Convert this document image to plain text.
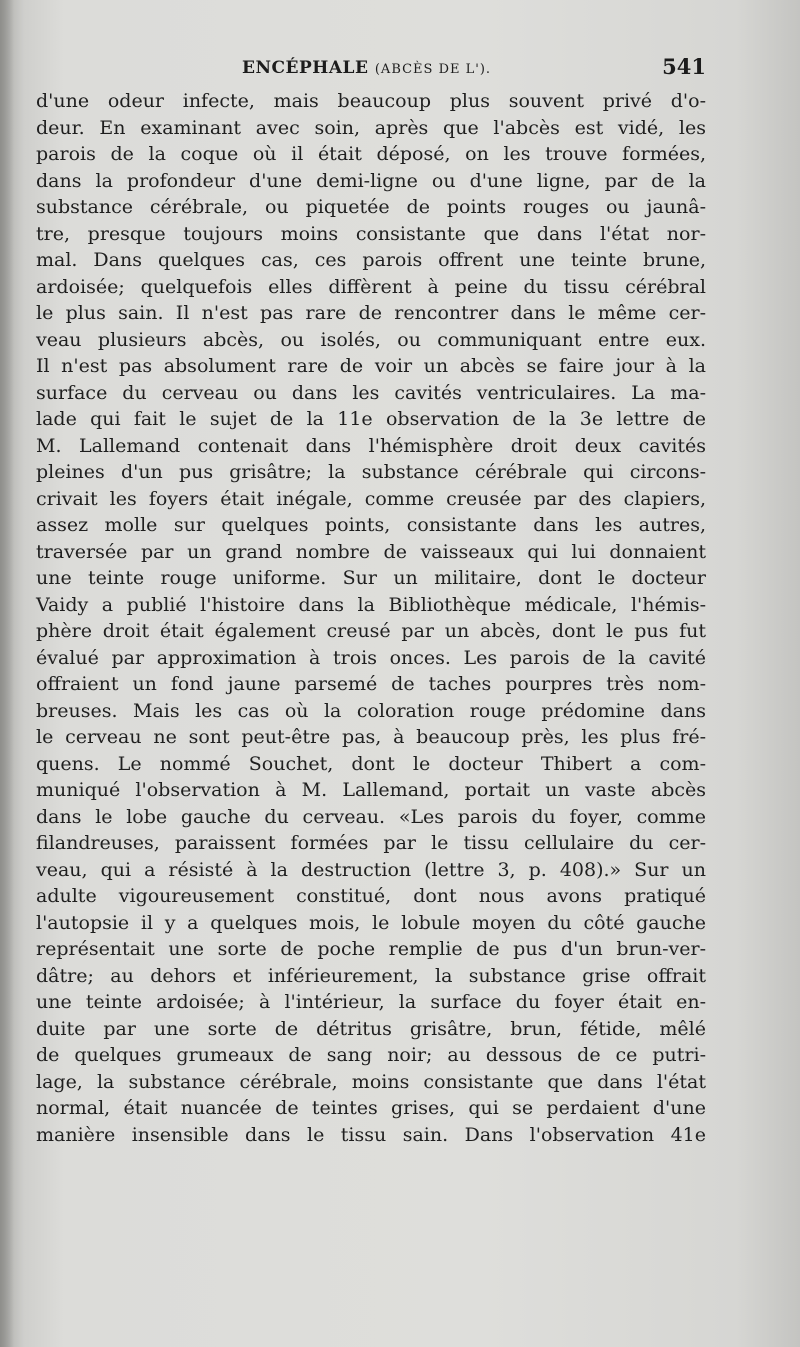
ENCÉPHALE (ABCÈS DE L').	541
d'une odeur infecte, mais beaucoup plus souvent privé d'o-
deur. En examinant avec soin, après que l'abcès est vidé, les
parois de la coque où il était déposé, on les trouve formées,
dans la profondeur d'une demi-ligne ou d'une ligne, par de la
substance cérébrale, ou piquetée de points rouges ou jaunâ-
tre, presque toujours moins consistante que dans l'état nor-
mal. Dans quelques cas, ces parois offrent une teinte brune,
ardoisée; quelquefois elles diffèrent à peine du tissu cérébral
le plus sain. Il n'est pas rare de rencontrer dans le même cer-
veau plusieurs abcès, ou isolés, ou communiquant entre eux.
Il n'est pas absolument rare de voir un abcès se faire jour à la
surface du cerveau ou dans les cavités ventriculaires. La ma-
lade qui fait le sujet de la 11e observation de la 3e lettre de
M. Lallemand contenait dans l'hémisphère droit deux cavités
pleines d'un pus grisâtre; la substance cérébrale qui circons-
crivait les foyers était inégale, comme creusée par des clapiers,
assez molle sur quelques points, consistante dans les autres,
traversée par un grand nombre de vaisseaux qui lui donnaient
une teinte rouge uniforme. Sur un militaire, dont le docteur
Vaidy a publié l'histoire dans la Bibliothèque médicale, l'hémis-
phère droit était également creusé par un abcès, dont le pus fut
évalué par approximation à trois onces. Les parois de la cavité
offraient un fond jaune parsemé de taches pourpres très nom-
breuses. Mais les cas où la coloration rouge prédomine dans
le cerveau ne sont peut-être pas, à beaucoup près, les plus fré-
quens. Le nommé Souchet, dont le docteur Thibert a com-
muniqué l'observation à M. Lallemand, portait un vaste abcès
dans le lobe gauche du cerveau. «Les parois du foyer, comme
filandreuses, paraissent formées par le tissu cellulaire du cer-
veau, qui a résisté à la destruction (lettre 3, p. 408).» Sur un
adulte vigoureusement constitué, dont nous avons pratiqué
l'autopsie il y a quelques mois, le lobule moyen du côté gauche
représentait une sorte de poche remplie de pus d'un brun-ver-
dâtre; au dehors et inférieurement, la substance grise offrait
une teinte ardoisée; à l'intérieur, la surface du foyer était en-
duite par une sorte de détritus grisâtre, brun, fétide, mêlé
de quelques grumeaux de sang noir; au dessous de ce putri-
lage, la substance cérébrale, moins consistante que dans l'état
normal, était nuancée de teintes grises, qui se perdaient d'une
manière insensible dans le tissu sain. Dans l'observation 41e
